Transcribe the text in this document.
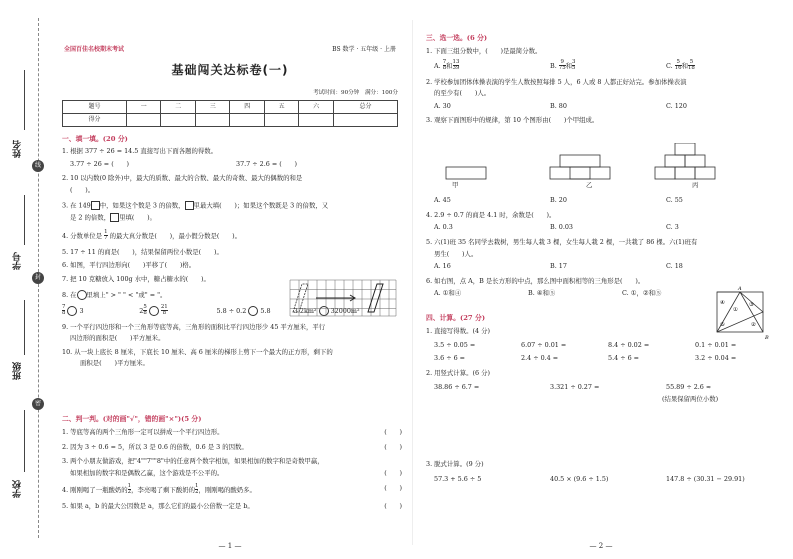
姓名
学号
班级
学校
线
封
密
全国百佳名校期末考试	BS 数学 · 五年级 · 上册
基础闯关达标卷(一)
考试时间：90分钟　满分：100分
题号	一	二	三	四	五	六	总分
得分							
一、填一填。(20 分)
1. 根据 377 ÷ 26 = 14.5 直接写出下面各题的得数。
3.77 ÷ 26 = (　　)	37.7 ÷ 2.6 = (　　)
2. 10 以内数(0 除外)中，最大的质数、最大的合数、最大的奇数、最大的偶数的和是
(　　)。
3. 在 149 中，如果这个数是 3 的倍数， 里最大填(　　)；如果这个数既是 3 的倍数，又
是 2 的倍数， 里填(　　)。
4. 分数单位是 $\frac{1}{7}$ 的最大真分数是(　　)，最小假分数是(　　)。
5. 17 ÷ 11 的商是(　　)，结果保留两位小数是(　　)。
6. 如图，平行四边形向(　　)平移了(　　)格。
7. 把 10 克糖放入 100g 水中，糖占糖水的(　　)。
8. 在 里填上" > " " < "或" = "。
$\frac{7}{8} 3$	$2 \frac{5}{8}$
	$\frac{21}{8}$	5.8 ÷ 0.2 5.8	3.2km² 32000m²
9. 一个平行四边形和一个三角形等底等高，三角形的面积比平行四边形少 45 平方厘米，平行
四边形的面积是(　　)平方厘米。
10. 从一块上底长 8 厘米，下底长 10 厘米、高 6 厘米的梯形上剪下一个最大的正方形，剩下的
面积是(　　)平方厘米。
二、判一判。(对的画"√"，错的画"×")(5 分)
(　　)
1. 等底等高的两个三角形一定可以拼成一个平行四边形。
(　　)
2. 因为 3 ÷ 0.6 = 5，所以 3 是 0.6 的倍数，0.6 是 3 的因数。
3. 两个小朋友做游戏，把"4""7""8"中的任意两个数字相加，如果相加的数字和是奇数甲赢，
(　　)
如果相加的数字和是偶数乙赢，这个游戏是不公平的。
(　　)
4. 刚刚喝了一瓶酸奶的 $\frac{1}{2}$ ，李亮喝了剩下酸奶的 $\frac{1}{2}$ ，刚刚喝的酸奶多。
(　　)
5. 如果 a，b 的最大公因数是 a，那么它们的最小公倍数一定是 b。
— 1 —
三、选一选。(6 分)
1. 下面三组分数中，(　　)是最简分数。
A. $\frac{7}{8}$ 和 $\frac{13}{39}$	B. $\frac{9}{75}$ 和 $\frac{3}{5}$	C. $\frac{5}{16}$ 和 $\frac{5}{18}$
2. 学校参加团体体操表演的学生人数按照每排 5 人，6 人或 8 人都正好站完。参加体操表演
的至少有(　　)人。
A. 30	B. 80	C. 120
3. 观察下面图形中的规律，第 10 个图形由(　　)个甲组成。
甲	乙	丙
A. 45	B. 20	C. 55
4. 2.9 ÷ 0.7 的商是 4.1 时，余数是(　　)。
A. 0.3	B. 0.03	C. 3
5. 六(1)班 35 名同学去栽树，男生每人栽 3 棵，女生每人栽 2 棵，一共栽了 86 棵。六(1)班有
男生(　　)人。
A. 16	B. 17	C. 18
6. 如右图，点 A，B 是长方形的中点，那么图中面积相等的三角形是(　　)。
A. ①和④	B. ④和⑤	C. ①，②和⑤
A
B
④
①
⑤
③
②
四、计算。(27 分)
1. 直接写得数。(4 分)
3.5 ÷ 0.05 =	6.07 ÷ 0.01 =	8.4 ÷ 0.02 =	0.1 ÷ 0.01 =
3.6 ÷ 6 =	2.4 ÷ 0.4 =	5.4 ÷ 6 =	3.2 ÷ 0.04 =
2. 用竖式计算。(6 分)
38.86 ÷ 6.7 =	3.321 ÷ 0.27 =	55.89 ÷ 2.6 ≈
(结果保留两位小数)
3. 脱式计算。(9 分)
57.3 + 5.6 ÷ 5	40.5 × (9.6 ÷ 1.5)	147.8 ÷ (30.31 − 29.91)
— 2 —
